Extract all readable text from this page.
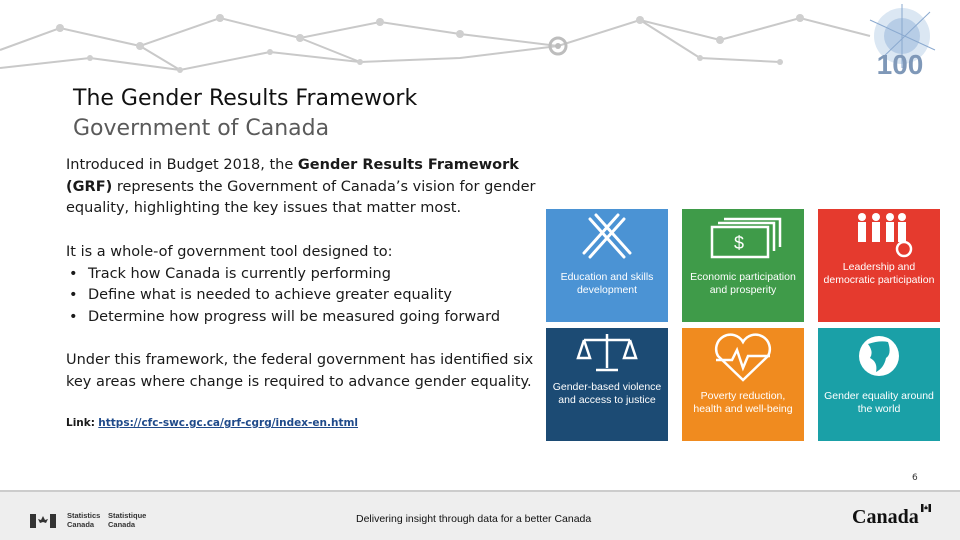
100
The Gender Results Framework
Government of Canada
Introduced in Budget 2018, the Gender Results Framework (GRF) represents the Government of Canada’s vision for gender equality, highlighting the key issues that matter most.
It is a whole-of government tool designed to:
• Track how Canada is currently performing
• Define what is needed to achieve greater equality
• Determine how progress will be measured going forward
Under this framework, the federal government has identified six key areas where change is required to advance gender equality.
Link: https://cfc-swc.gc.ca/grf-cgrg/index-en.html
Education and skills development
$
Economic participation and prosperity
Leadership and democratic participation
Gender-based violence and access to justice	Poverty reduction, health and well-being
Gender equality around the world
6
Statistics
Canada
Statistique
Canada	Delivering insight through data for a better Canada	Canada
